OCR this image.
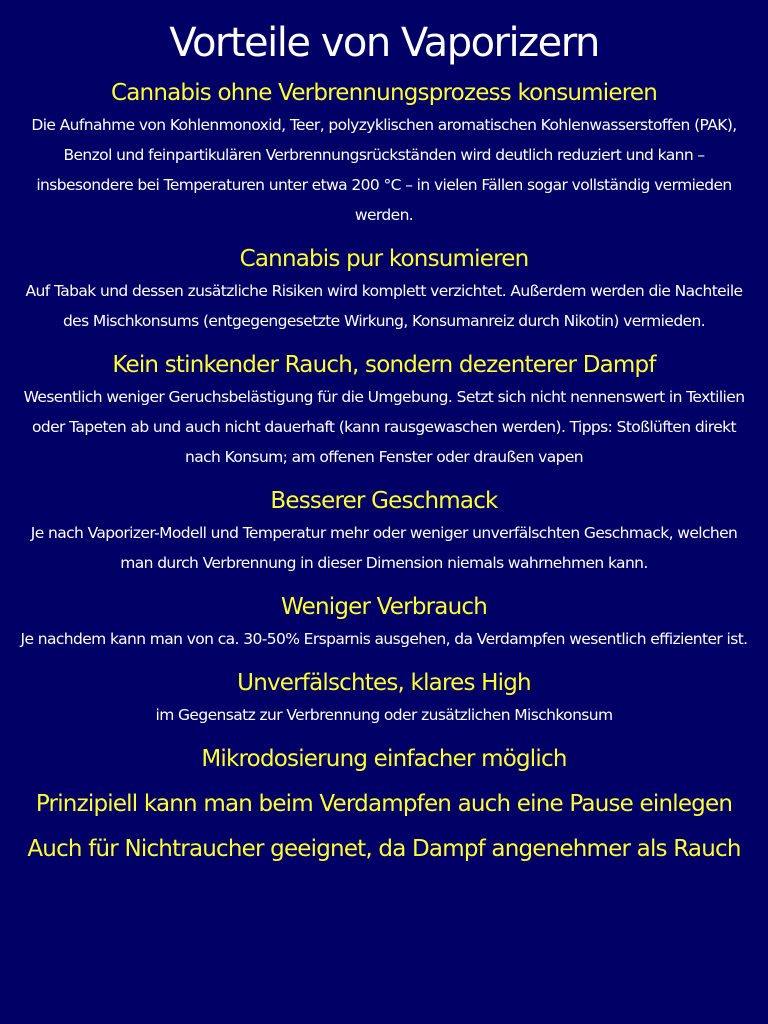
Vorteile von Vaporizern
Cannabis ohne Verbrennungsprozess konsumieren

Die Aufnahme von Kohlenmonoxid, Teer, polyzyklischen aromatischen Kohlenwasserstoffen (PAK), Benzol und feinpartikulären Verbrennungsrückständen wird deutlich reduziert und kann – insbesondere bei Temperaturen unter etwa 200 °C – in vielen Fällen sogar vollständig vermieden werden.

Cannabis pur konsumieren

Auf Tabak und dessen zusätzliche Risiken wird komplett verzichtet. Außerdem werden die Nachteile des Mischkonsums (entgegengesetzte Wirkung, Konsumanreiz durch Nikotin) vermieden.

Kein stinkender Rauch, sondern dezenterer Dampf

Wesentlich weniger Geruchsbelästigung für die Umgebung. Setzt sich nicht nennenswert in Textilien oder Tapeten ab und auch nicht dauerhaft (kann rausgewaschen werden). Tipps: Stoßlüften direkt nach Konsum; am offenen Fenster oder draußen vapen

Besserer Geschmack

Je nach Vaporizer-Modell und Temperatur mehr oder weniger unverfälschten Geschmack, welchen man durch Verbrennung in dieser Dimension niemals wahrnehmen kann.

Weniger Verbrauch

Je nachdem kann man von ca. 30-50% Ersparnis ausgehen, da Verdampfen wesentlich effizienter ist.

Unverfälschtes, klares High

im Gegensatz zur Verbrennung oder zusätzlichen Mischkonsum

Mikrodosierung einfacher möglich
Prinzipiell kann man beim Verdampfen auch eine Pause einlegen
Auch für Nichtraucher geeignet, da Dampf angenehmer als Rauch
